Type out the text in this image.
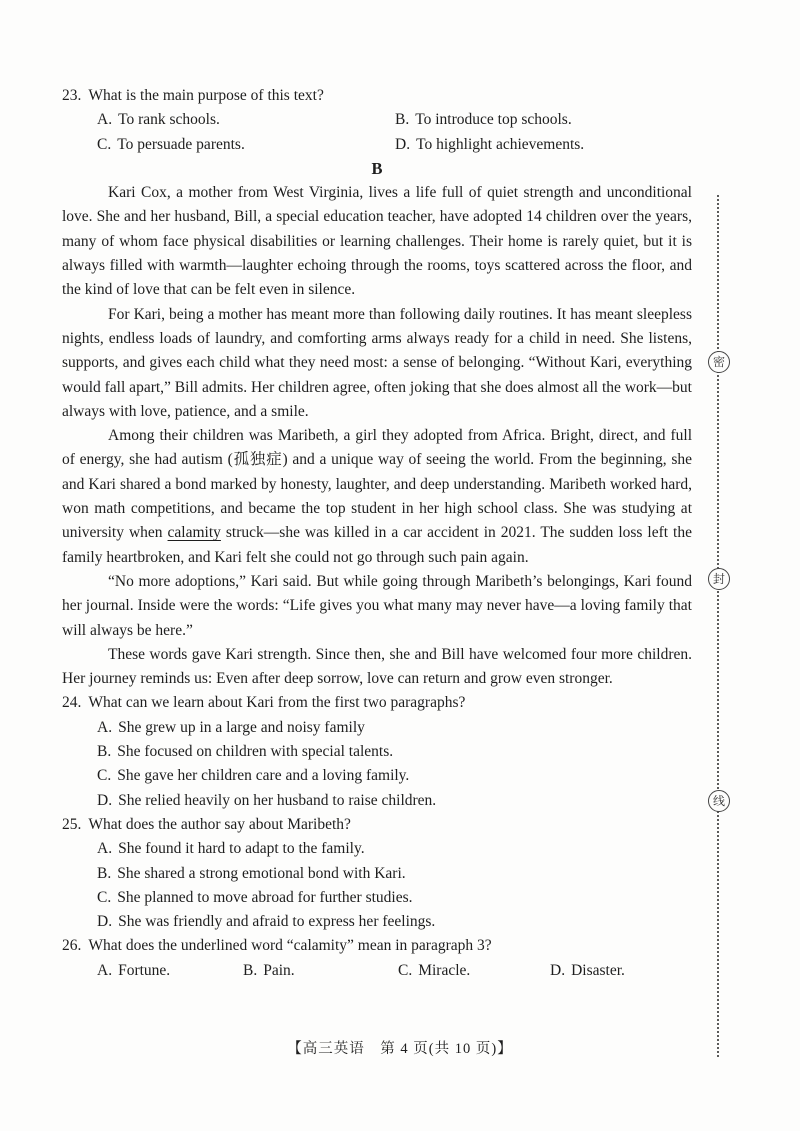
23. What is the main purpose of this text?
A. To rank schools.	B. To introduce top schools.
C. To persuade parents.	D. To highlight achievements.
B

Kari Cox, a mother from West Virginia, lives a life full of quiet strength and unconditional love. She and her husband, Bill, a special education teacher, have adopted 14 children over the years, many of whom face physical disabilities or learning challenges. Their home is rarely quiet, but it is always filled with warmth—laughter echoing through the rooms, toys scattered across the floor, and the kind of love that can be felt even in silence.

For Kari, being a mother has meant more than following daily routines. It has meant sleepless nights, endless loads of laundry, and comforting arms always ready for a child in need. She listens, supports, and gives each child what they need most: a sense of belonging. “Without Kari, everything would fall apart,” Bill admits. Her children agree, often joking that she does almost all the work—but always with love, patience, and a smile.

Among their children was Maribeth, a girl they adopted from Africa. Bright, direct, and full of energy, she had autism (孤独症) and a unique way of seeing the world. From the beginning, she and Kari shared a bond marked by honesty, laughter, and deep understanding. Maribeth worked hard, won math competitions, and became the top student in her high school class. She was studying at university when calamity struck—she was killed in a car accident in 2021. The sudden loss left the family heartbroken, and Kari felt she could not go through such pain again.

“No more adoptions,” Kari said. But while going through Maribeth’s belongings, Kari found her journal. Inside were the words: “Life gives you what many may never have—a loving family that will always be here.”

These words gave Kari strength. Since then, she and Bill have welcomed four more children. Her journey reminds us: Even after deep sorrow, love can return and grow even stronger.

24. What can we learn about Kari from the first two paragraphs?
A. She grew up in a large and noisy family
B. She focused on children with special talents.
C. She gave her children care and a loving family.
D. She relied heavily on her husband to raise children.
25. What does the author say about Maribeth?
A. She found it hard to adapt to the family.
B. She shared a strong emotional bond with Kari.
C. She planned to move abroad for further studies.
D. She was friendly and afraid to express her feelings.
26. What does the underlined word “calamity” mean in paragraph 3?
A. Fortune.	B. Pain.	C. Miracle.	D. Disaster.
密
封
线
【高三英语　第 4 页(共 10 页)】
